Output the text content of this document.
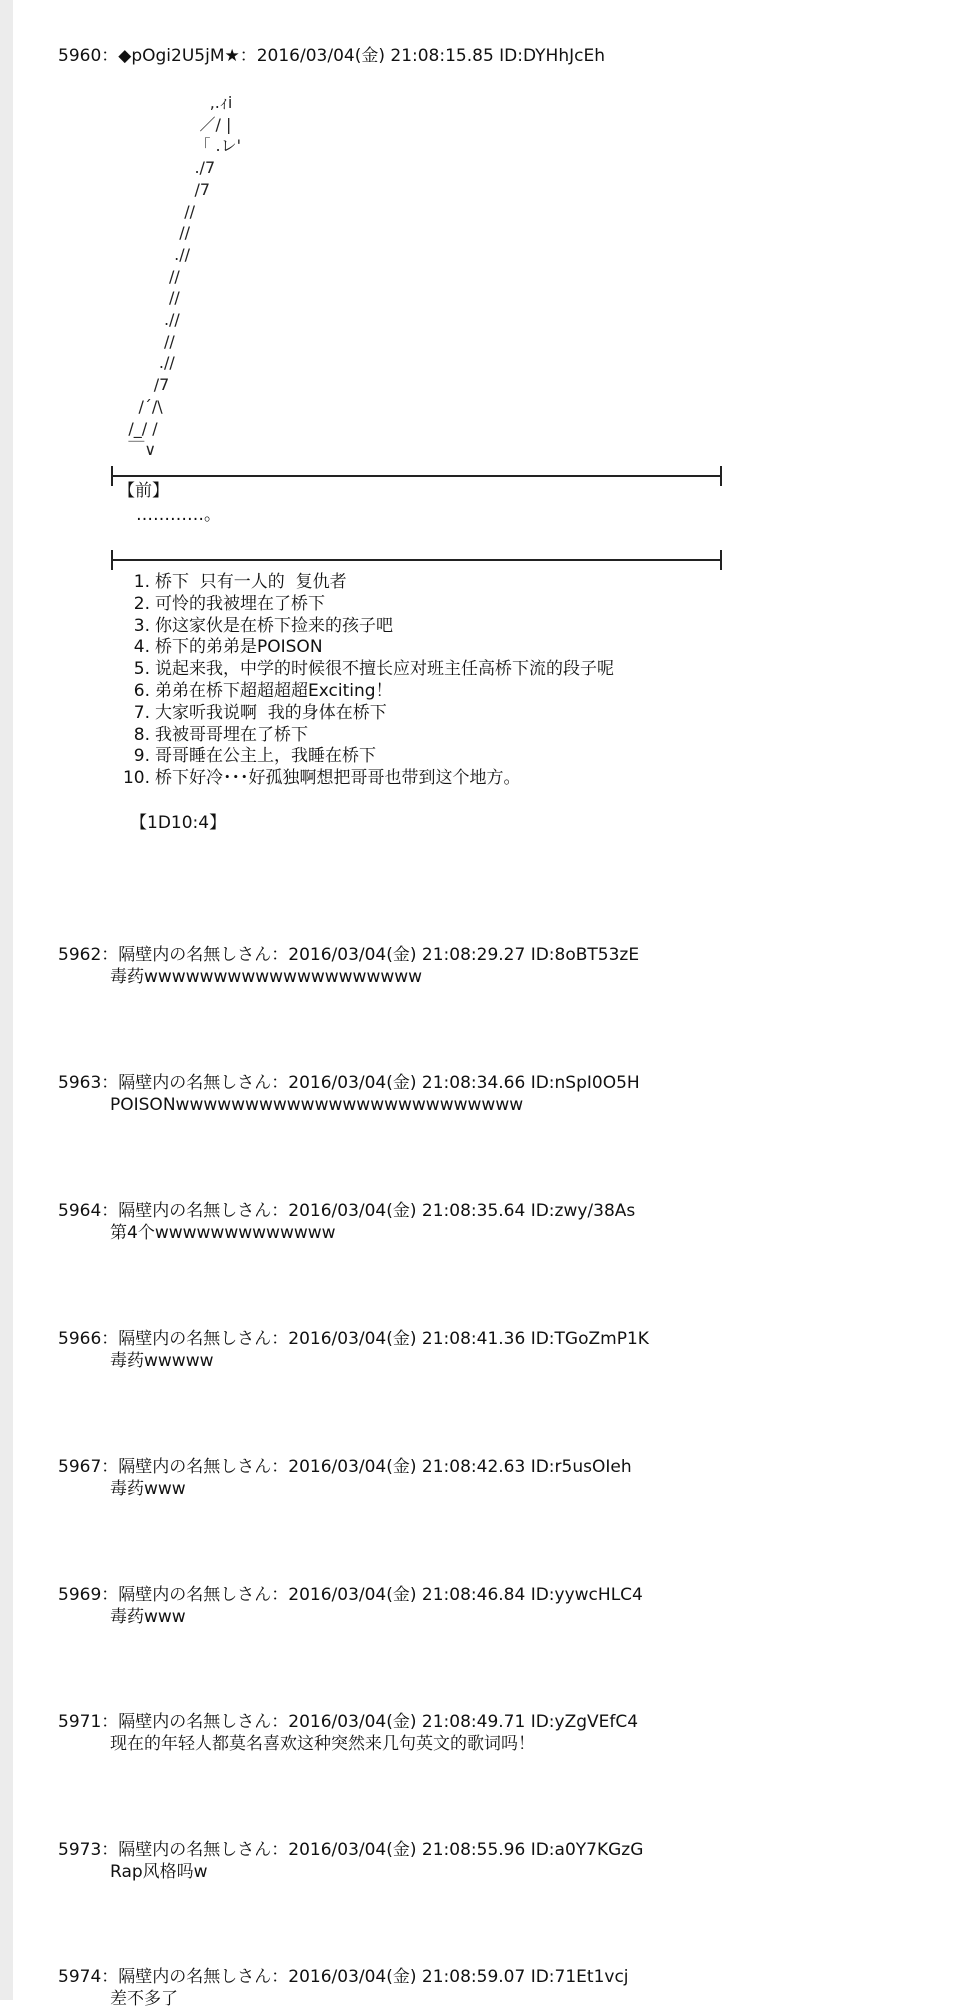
5960：◆pOgi2U5jM★：2016/03/04(金) 21:08:15.85 ID:DYHhJcEh
,.ｨi
／/ |
「 .レ'
./7
/7
//
//
.//
//
//
.//
//
.//
/7
/´/\
/_/ /
￣∨
【前】
…………。
1. 桥下  只有一人的  复仇者
2. 可怜的我被埋在了桥下
3. 你这家伙是在桥下捡来的孩子吧
4. 桥下的弟弟是POISON
5. 说起来我，中学的时候很不擅长应对班主任高桥下流的段子呢
6. 弟弟在桥下超超超超Exciting！
7. 大家听我说啊  我的身体在桥下
8. 我被哥哥埋在了桥下
9. 哥哥睡在公主上，我睡在桥下
10. 桥下好冷･･･好孤独啊想把哥哥也带到这个地方。
【1D10:4】
5962：隔壁内の名無しさん：2016/03/04(金) 21:08:29.27 ID:8oBT53zE
毒药wwwwwwwwwwwwwwwwwwww
5963：隔壁内の名無しさん：2016/03/04(金) 21:08:34.66 ID:nSpI0O5H
POISONwwwwwwwwwwwwwwwwwwwwwwwww
5964：隔壁内の名無しさん：2016/03/04(金) 21:08:35.64 ID:zwy/38As
第4个wwwwwwwwwwwww
5966：隔壁内の名無しさん：2016/03/04(金) 21:08:41.36 ID:TGoZmP1K
毒药wwwww
5967：隔壁内の名無しさん：2016/03/04(金) 21:08:42.63 ID:r5usOIeh
毒药www
5969：隔壁内の名無しさん：2016/03/04(金) 21:08:46.84 ID:yywcHLC4
毒药www
5971：隔壁内の名無しさん：2016/03/04(金) 21:08:49.71 ID:yZgVEfC4
现在的年轻人都莫名喜欢这种突然来几句英文的歌词吗！
5973：隔壁内の名無しさん：2016/03/04(金) 21:08:55.96 ID:a0Y7KGzG
Rap风格吗w
5974：隔壁内の名無しさん：2016/03/04(金) 21:08:59.07 ID:71Et1vcj
差不多了
